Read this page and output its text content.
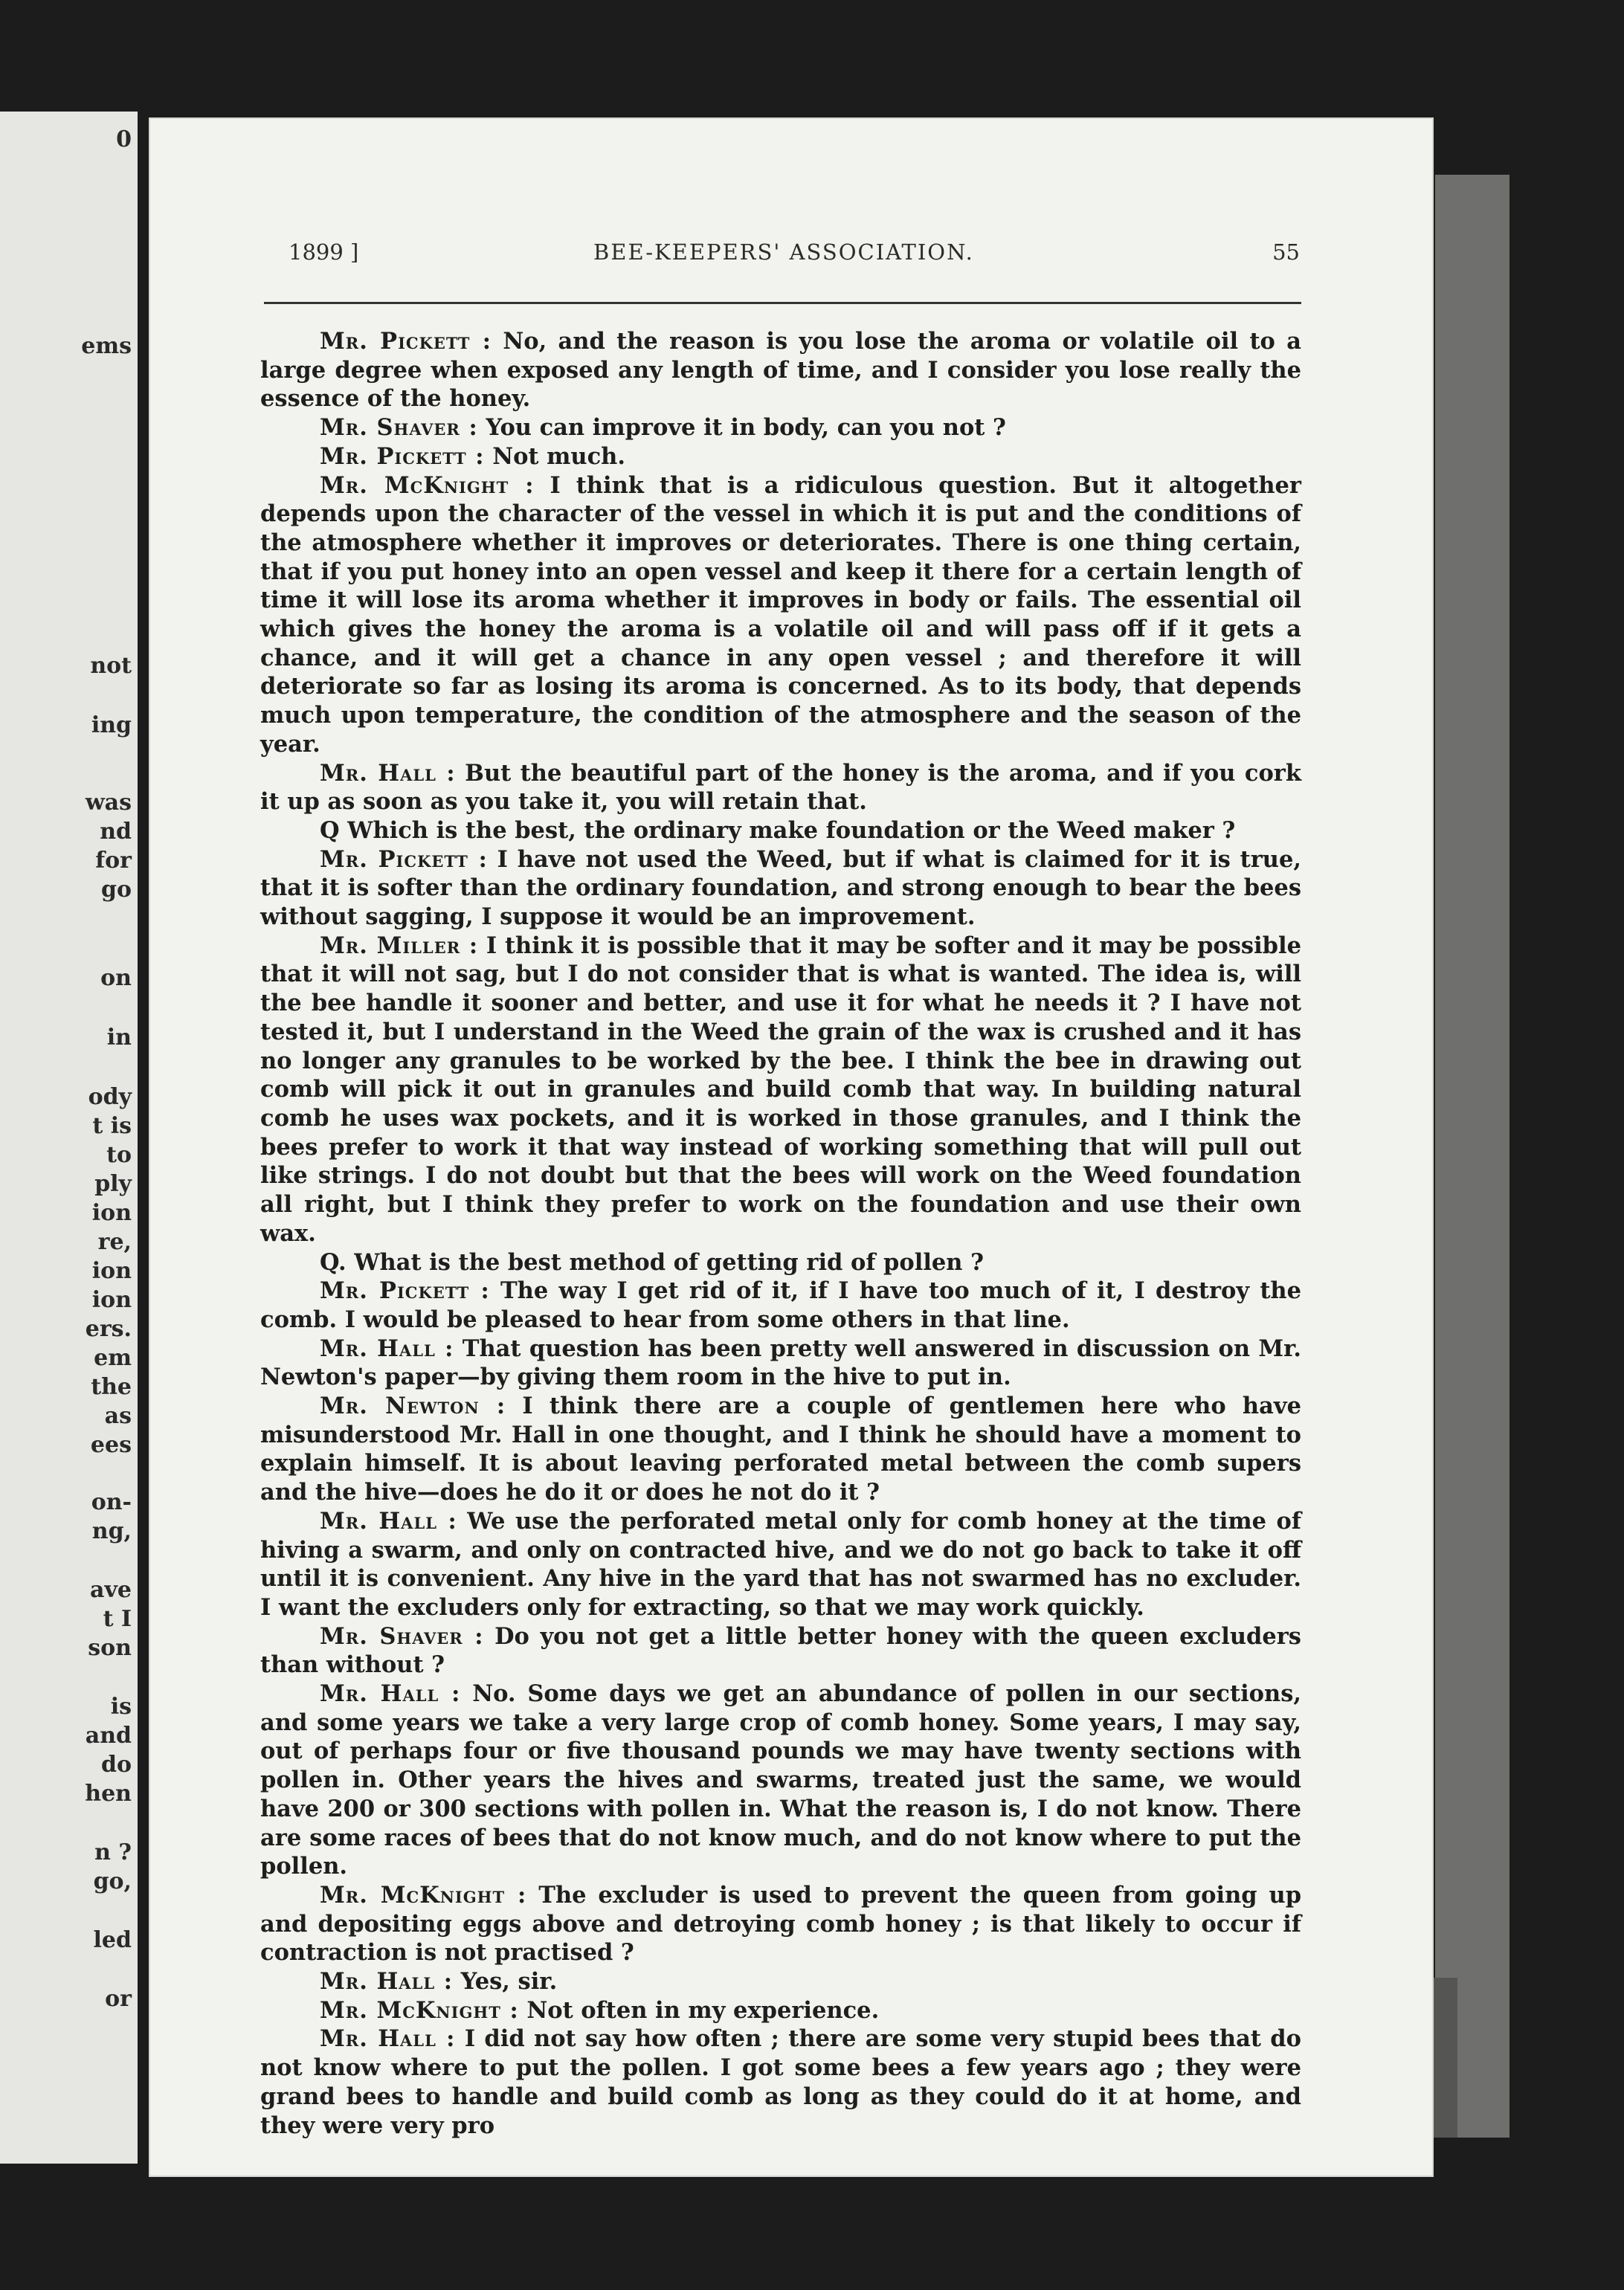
0
ems
not
ing
was
nd
for
go
on
in
ody
t is
to
ply
ion
re,
ion
ion
ers.
em
the
as
ees
on-
ng,
ave
t I
son
is
and
do
hen
n ?
go,
led
or
1899 ]	BEE-KEEPERS' ASSOCIATION.	55

Mr. Pickett : No, and the reason is you lose the aroma or volatile oil to a large degree when exposed any length of time, and I consider you lose really the essence of the honey.

Mr. Shaver : You can improve it in body, can you not ?

Mr. Pickett : Not much.

Mr. McKnight : I think that is a ridiculous question. But it altogether depends upon the character of the vessel in which it is put and the conditions of the atmosphere whether it improves or deteriorates. There is one thing certain, that if you put honey into an open vessel and keep it there for a certain length of time it will lose its aroma whether it improves in body or fails. The essential oil which gives the honey the aroma is a volatile oil and will pass off if it gets a chance, and it will get a chance in any open vessel ; and therefore it will deteriorate so far as losing its aroma is concerned. As to its body, that depends much upon temperature, the condition of the atmosphere and the season of the year.

Mr. Hall : But the beautiful part of the honey is the aroma, and if you cork it up as soon as you take it, you will retain that.

Q Which is the best, the ordinary make foundation or the Weed maker ?

Mr. Pickett : I have not used the Weed, but if what is claimed for it is true, that it is softer than the ordinary foundation, and strong enough to bear the bees without sagging, I suppose it would be an improvement.

Mr. Miller : I think it is possible that it may be softer and it may be possible that it will not sag, but I do not consider that is what is wanted. The idea is, will the bee handle it sooner and better, and use it for what he needs it ? I have not tested it, but I understand in the Weed the grain of the wax is crushed and it has no longer any granules to be worked by the bee. I think the bee in drawing out comb will pick it out in granules and build comb that way. In building natural comb he uses wax pockets, and it is worked in those granules, and I think the bees prefer to work it that way instead of working something that will pull out like strings. I do not doubt but that the bees will work on the Weed foundation all right, but I think they prefer to work on the foundation and use their own wax.

Q. What is the best method of getting rid of pollen ?

Mr. Pickett : The way I get rid of it, if I have too much of it, I destroy the comb. I would be pleased to hear from some others in that line.

Mr. Hall : That question has been pretty well answered in discussion on Mr. Newton's paper—by giving them room in the hive to put in.

Mr. Newton : I think there are a couple of gentlemen here who have misunderstood Mr. Hall in one thought, and I think he should have a moment to explain himself. It is about leaving perforated metal between the comb supers and the hive—does he do it or does he not do it ?

Mr. Hall : We use the perforated metal only for comb honey at the time of hiving a swarm, and only on contracted hive, and we do not go back to take it off until it is convenient. Any hive in the yard that has not swarmed has no excluder. I want the excluders only for extracting, so that we may work quickly.

Mr. Shaver : Do you not get a little better honey with the queen excluders than without ?

Mr. Hall : No. Some days we get an abundance of pollen in our sections, and some years we take a very large crop of comb honey. Some years, I may say, out of perhaps four or five thousand pounds we may have twenty sections with pollen in. Other years the hives and swarms, treated just the same, we would have 200 or 300 sections with pollen in. What the reason is, I do not know. There are some races of bees that do not know much, and do not know where to put the pollen.

Mr. McKnight : The excluder is used to prevent the queen from going up and depositing eggs above and detroying comb honey ; is that likely to occur if contraction is not practised ?

Mr. Hall : Yes, sir.

Mr. McKnight : Not often in my experience.

Mr. Hall : I did not say how often ; there are some very stupid bees that do not know where to put the pollen. I got some bees a few years ago ; they were grand bees to handle and build comb as long as they could do it at home, and they were very pro
